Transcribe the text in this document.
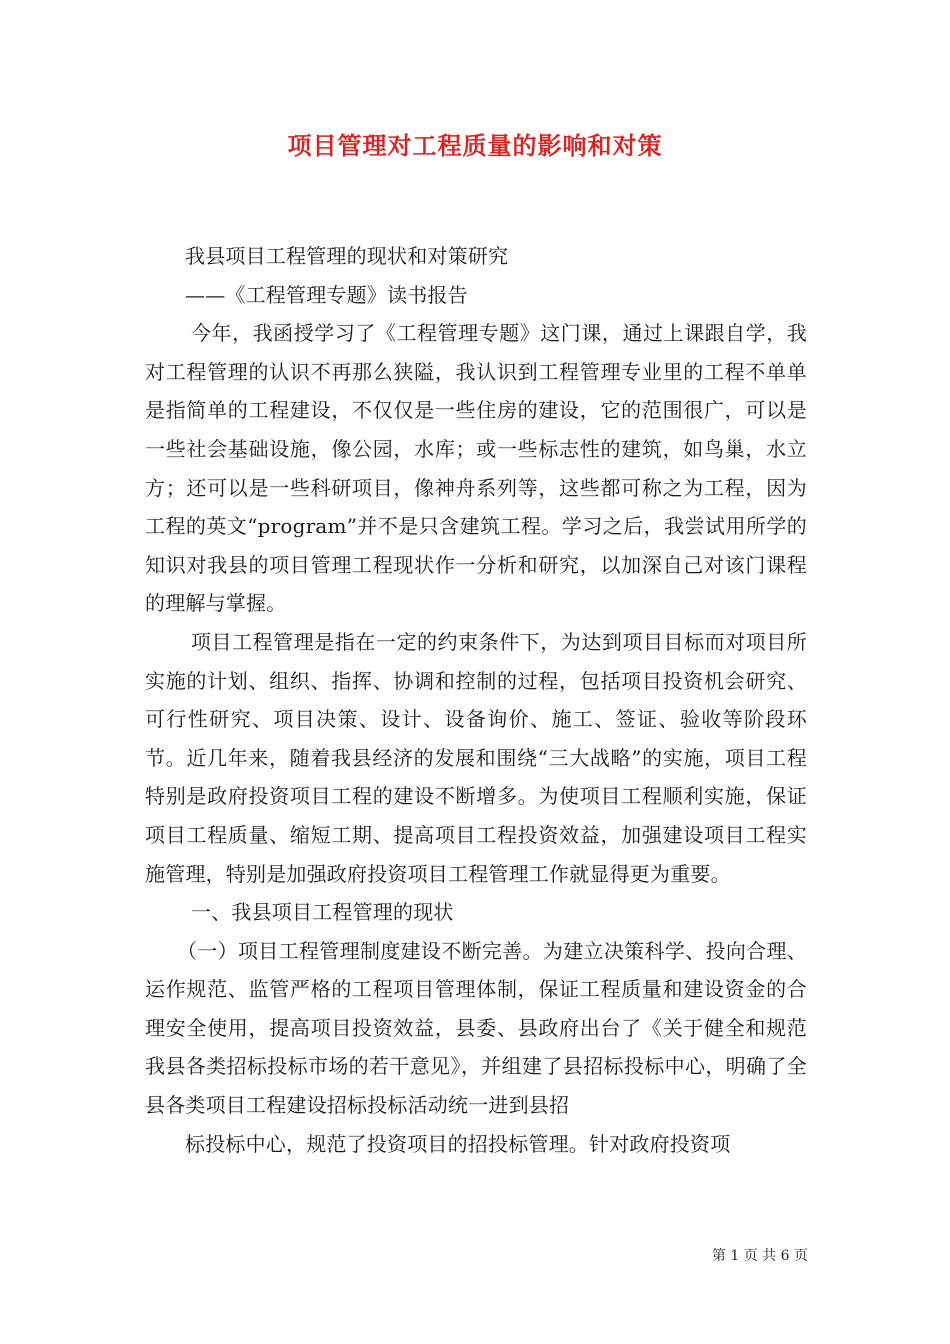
项目管理对工程质量的影响和对策

我县项目工程管理的现状和对策研究

——《工程管理专题》读书报告

今年，我函授学习了《工程管理专题》这门课，通过上课跟自学，我对工程管理的认识不再那么狭隘，我认识到工程管理专业里的工程不单单是指简单的工程建设，不仅仅是一些住房的建设，它的范围很广，可以是一些社会基础设施，像公园，水库；或一些标志性的建筑，如鸟巢，水立方；还可以是一些科研项目，像神舟系列等，这些都可称之为工程，因为工程的英文“program”并不是只含建筑工程。学习之后，我尝试用所学的知识对我县的项目管理工程现状作一分析和研究，以加深自己对该门课程的理解与掌握。

项目工程管理是指在一定的约束条件下，为达到项目目标而对项目所实施的计划、组织、指挥、协调和控制的过程，包括项目投资机会研究、可行性研究、项目决策、设计、设备询价、施工、签证、验收等阶段环节。近几年来，随着我县经济的发展和围绕“三大战略”的实施，项目工程特别是政府投资项目工程的建设不断增多。为使项目工程顺利实施，保证项目工程质量、缩短工期、提高项目工程投资效益，加强建设项目工程实施管理，特别是加强政府投资项目工程管理工作就显得更为重要。

一、我县项目工程管理的现状

（一）项目工程管理制度建设不断完善。为建立决策科学、投向合理、运作规范、监管严格的工程项目管理体制，保证工程质量和建设资金的合理安全使用，提高项目投资效益，县委、县政府出台了《关于健全和规范我县各类招标投标市场的若干意见》，并组建了县招标投标中心，明确了全县各类项目工程建设招标投标活动统一进到县招

标投标中心，规范了投资项目的招投标管理。针对政府投资项

第 1 页 共 6 页
